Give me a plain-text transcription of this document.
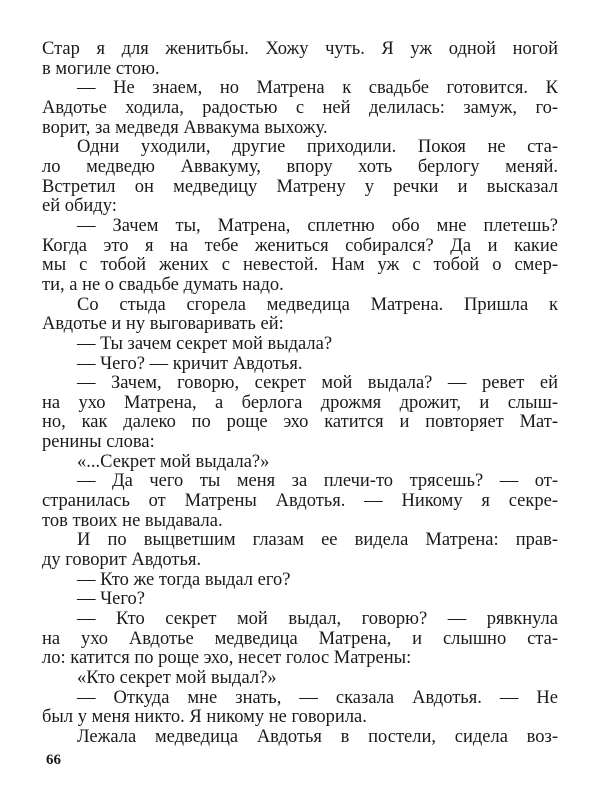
Стар я для женитьбы. Хожу чуть. Я уж одной ногой
в могиле стою.
— Не знаем, но Матрена к свадьбе готовится. К
Авдотье ходила, радостью с ней делилась: замуж, го-
ворит, за медведя Аввакума выхожу.
Одни уходили, другие приходили. Покоя не ста-
ло медведю Аввакуму, впору хоть берлогу меняй.
Встретил он медведицу Матрену у речки и высказал
ей обиду:
— Зачем ты, Матрена, сплетню обо мне плетешь?
Когда это я на тебе жениться собирался? Да и какие
мы с тобой жених с невестой. Нам уж с тобой о смер-
ти, а не о свадьбе думать надо.
Со стыда сгорела медведица Матрена. Пришла к
Авдотье и ну выговаривать ей:
— Ты зачем секрет мой выдала?
— Чего? — кричит Авдотья.
— Зачем, говорю, секрет мой выдала? — ревет ей
на ухо Матрена, а берлога дрожмя дрожит, и слыш-
но, как далеко по роще эхо катится и повторяет Мат-
ренины слова:
«...Секрет мой выдала?»
— Да чего ты меня за плечи-то трясешь? — от-
странилась от Матрены Авдотья. — Никому я секре-
тов твоих не выдавала.
И по выцветшим глазам ее видела Матрена: прав-
ду говорит Авдотья.
— Кто же тогда выдал его?
— Чего?
— Кто секрет мой выдал, говорю? — рявкнула
на ухо Авдотье медведица Матрена, и слышно ста-
ло: катится по роще эхо, несет голос Матрены:
«Кто секрет мой выдал?»
— Откуда мне знать, — сказала Авдотья. — Не
был у меня никто. Я никому не говорила.
Лежала медведица Авдотья в постели, сидела воз-
66
